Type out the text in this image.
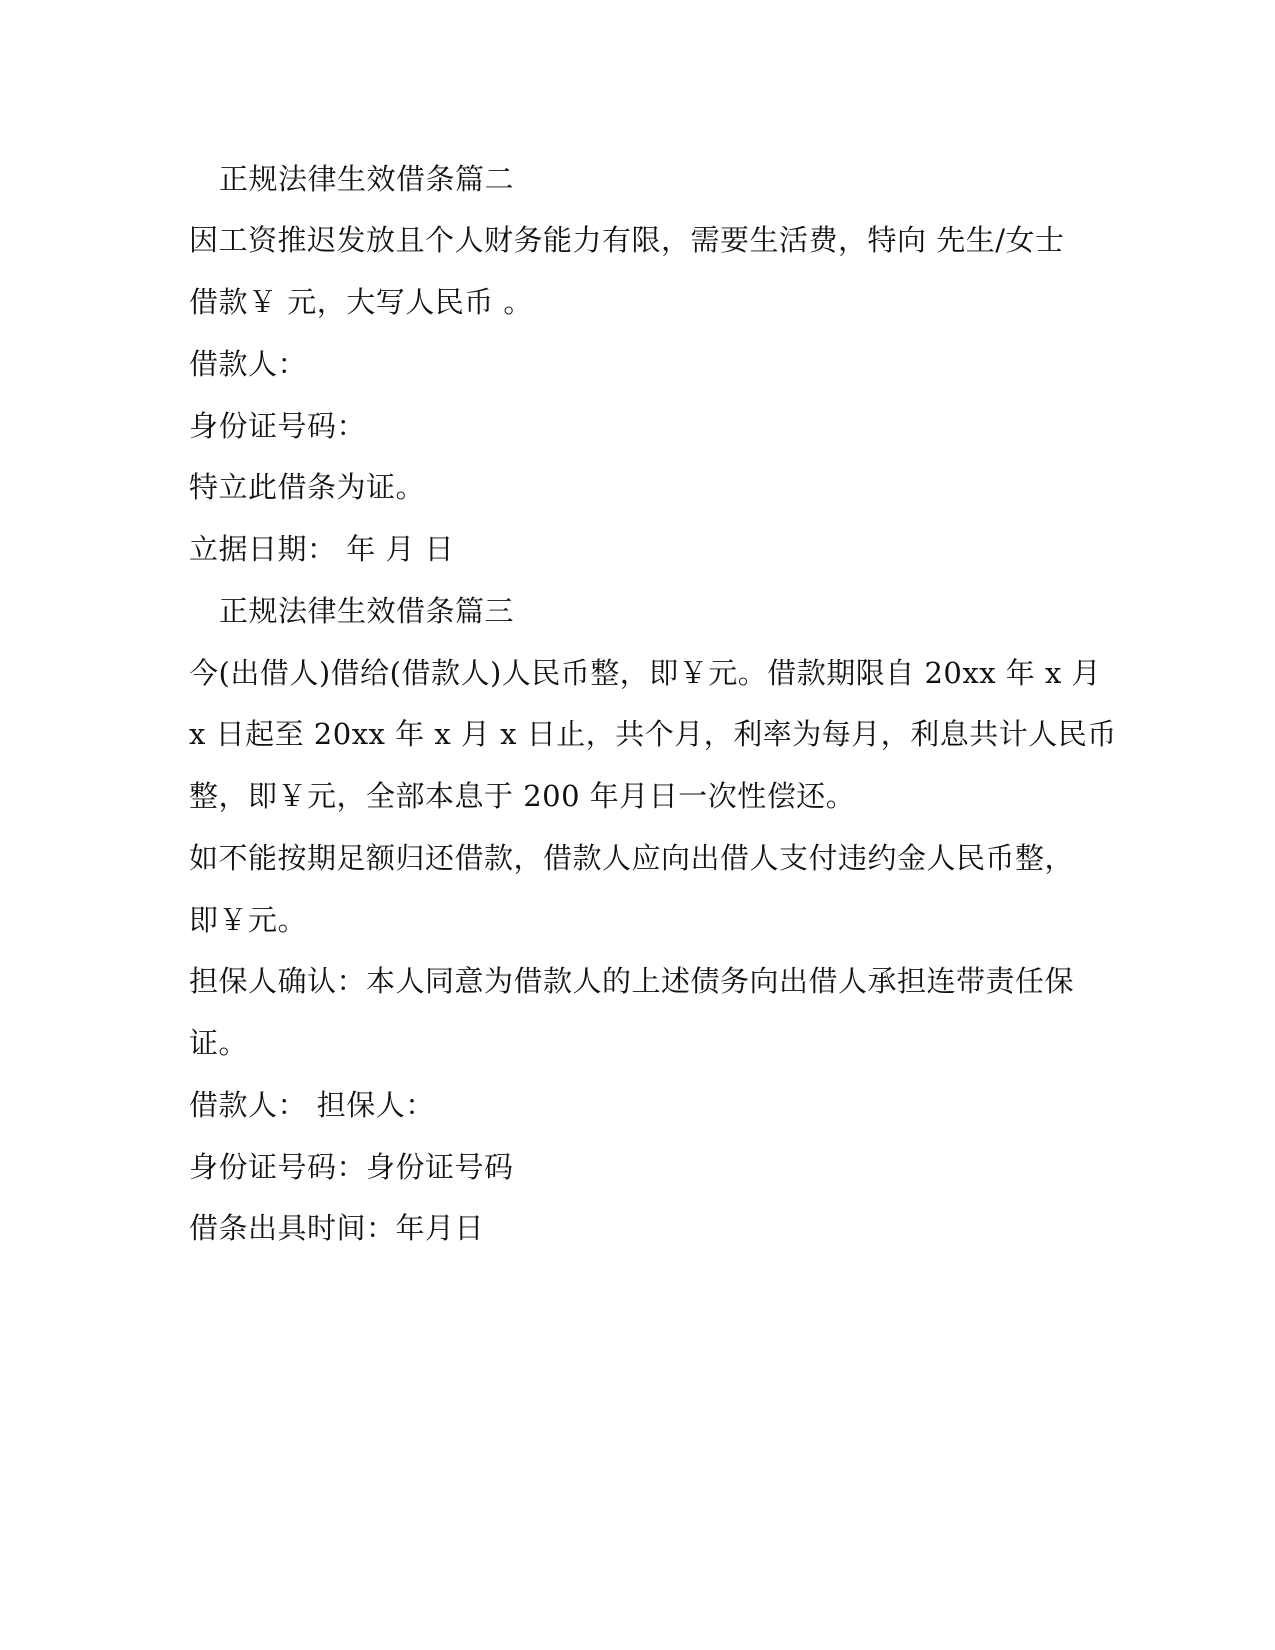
正规法律生效借条篇二
因工资推迟发放且个人财务能力有限，需要生活费，特向 先生/女士
借款￥ 元，大写人民币 。
借款人：
身份证号码：
特立此借条为证。
立据日期： 年 月 日
正规法律生效借条篇三
今(出借人)借给(借款人)人民币整，即￥元。借款期限自 20xx 年 x 月
x 日起至 20xx 年 x 月 x 日止，共个月，利率为每月，利息共计人民币
整，即￥元，全部本息于 200 年月日一次性偿还。
如不能按期足额归还借款，借款人应向出借人支付违约金人民币整，
即￥元。
担保人确认：本人同意为借款人的上述债务向出借人承担连带责任保
证。
借款人： 担保人：
身份证号码：身份证号码
借条出具时间：年月日
